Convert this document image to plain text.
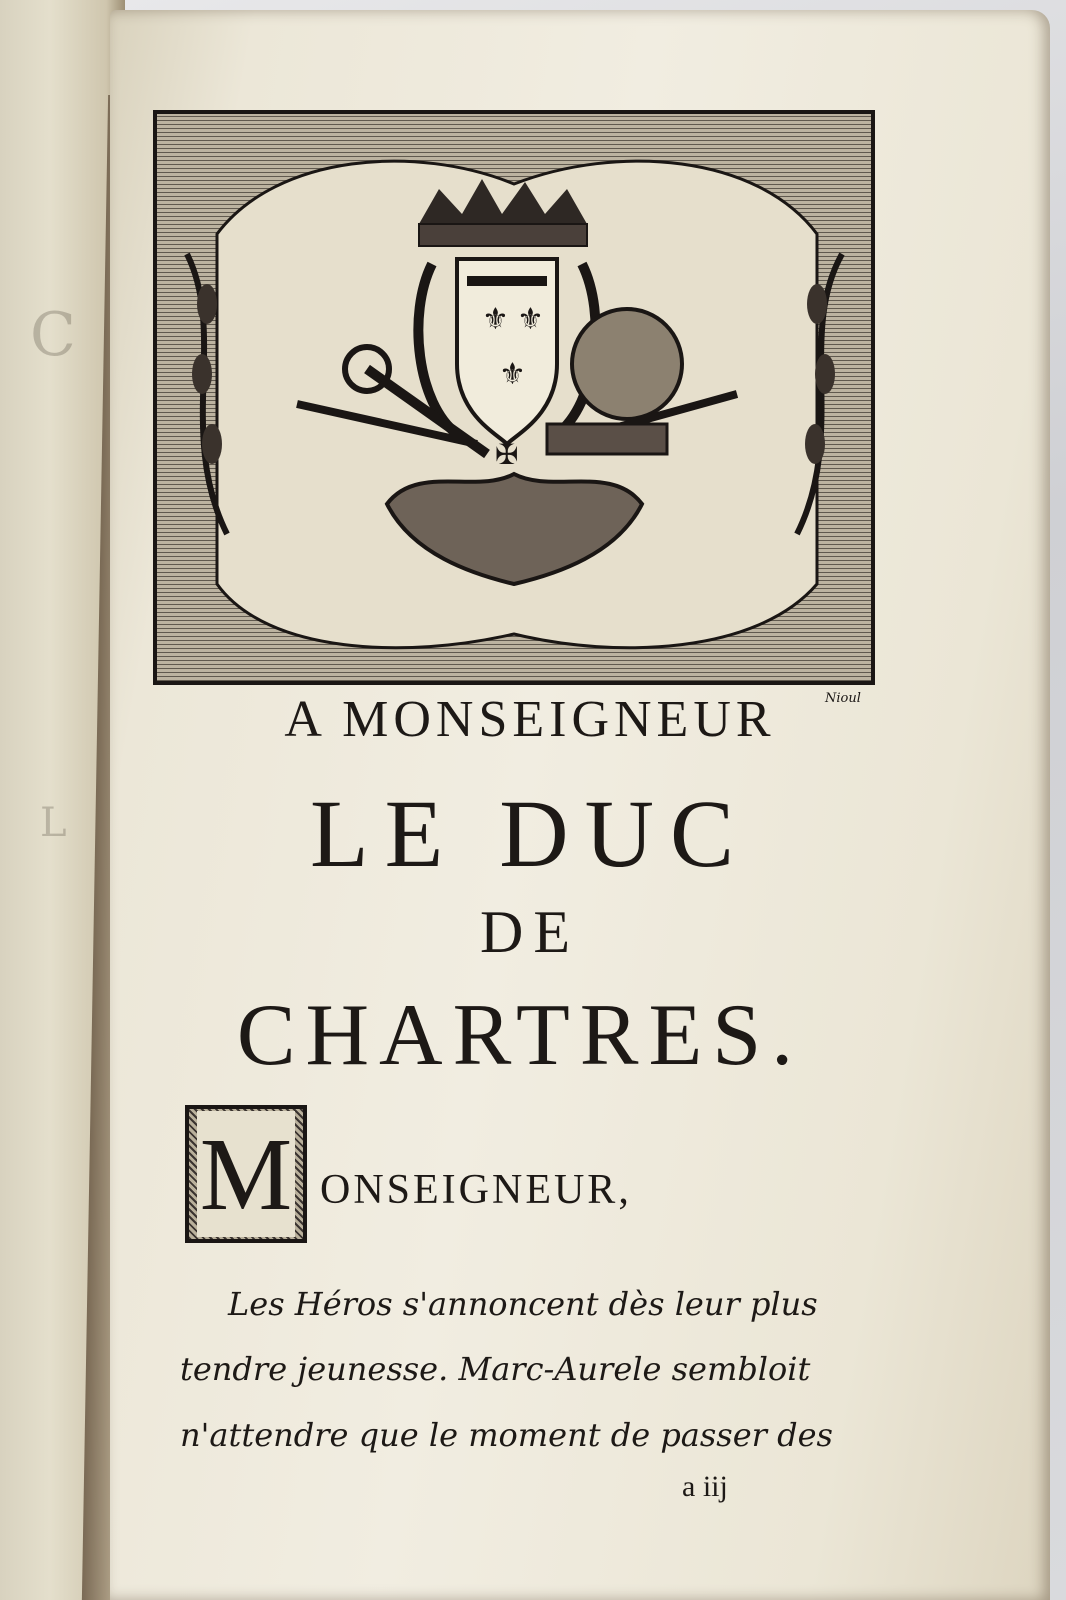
C
L
⚜ ⚜
⚜
✠
Nioul
A MONSEIGNEUR
LE DUC
DE
CHARTRES.
M ONSEIGNEUR,
Les Héros s'annoncent dès leur plus
tendre jeunesse. Marc-Aurele sembloit
n'attendre que le moment de passer des
a iij
